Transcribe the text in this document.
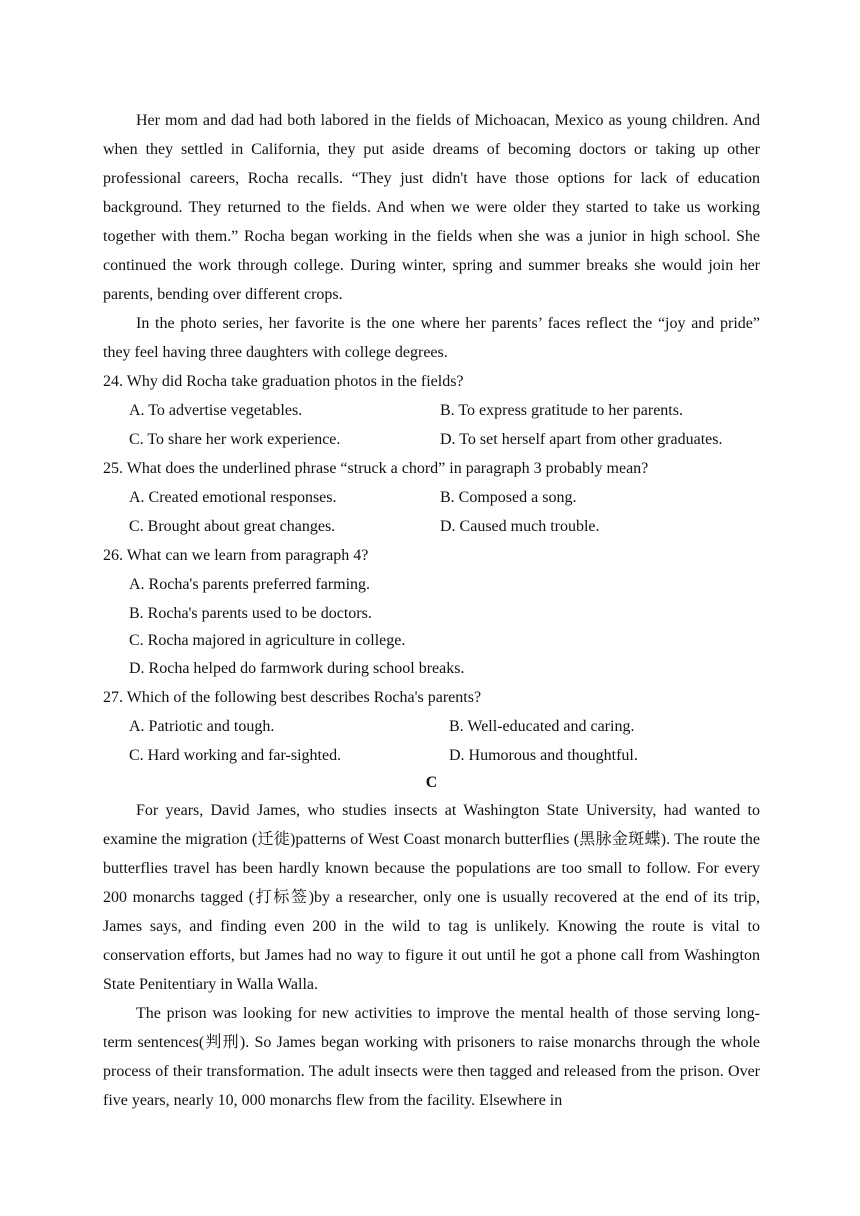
Her mom and dad had both labored in the fields of Michoacan, Mexico as young children. And when they settled in California, they put aside dreams of becoming doctors or taking up other professional careers, Rocha recalls. “They just didn't have those options for lack of education background. They returned to the fields. And when we were older they started to take us working together with them.” Rocha began working in the fields when she was a junior in high school. She continued the work through college. During winter, spring and summer breaks she would join her parents, bending over different crops.

In the photo series, her favorite is the one where her parents’ faces reflect the “joy and pride” they feel having three daughters with college degrees.

24. Why did Rocha take graduation photos in the fields?
A. To advertise vegetables.	B. To express gratitude to her parents.
C. To share her work experience.	D. To set herself apart from other graduates.
25. What does the underlined phrase “struck a chord” in paragraph 3 probably mean?
A. Created emotional responses.	B. Composed a song.
C. Brought about great changes.	D. Caused much trouble.
26. What can we learn from paragraph 4?
A. Rocha's parents preferred farming.
B. Rocha's parents used to be doctors.
C. Rocha majored in agriculture in college.
D. Rocha helped do farmwork during school breaks.
27. Which of the following best describes Rocha's parents?
A. Patriotic and tough.	B. Well-educated and caring.
C. Hard working and far-sighted.	D. Humorous and thoughtful.
C

For years, David James, who studies insects at Washington State University, had wanted to examine the migration (迁徙)patterns of West Coast monarch butterflies (黑脉金斑蝶). The route the butterflies travel has been hardly known because the populations are too small to follow. For every 200 monarchs tagged (打标签)by a researcher, only one is usually recovered at the end of its trip, James says, and finding even 200 in the wild to tag is unlikely. Knowing the route is vital to conservation efforts, but James had no way to figure it out until he got a phone call from Washington State Penitentiary in Walla Walla.

The prison was looking for new activities to improve the mental health of those serving long-term sentences(判刑). So James began working with prisoners to raise monarchs through the whole process of their transformation. The adult insects were then tagged and released from the prison. Over five years, nearly 10, 000 monarchs flew from the facility. Elsewhere in
